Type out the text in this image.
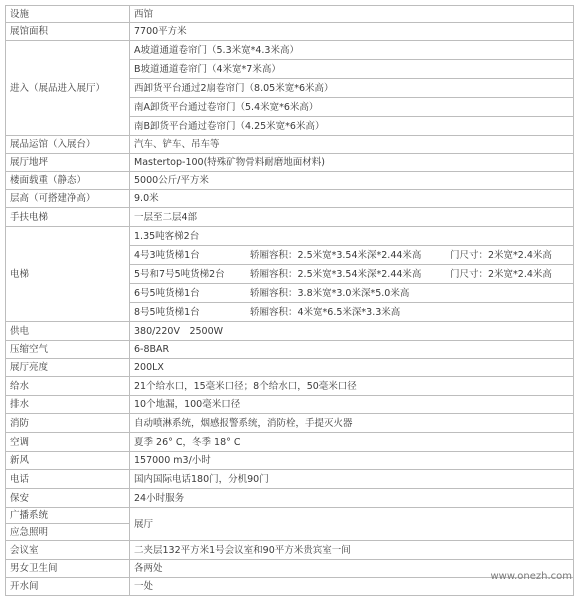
设施	西馆
展馆面积	7700平方米
进入（展品进入展厅）	A坡道通道卷帘门（5.3米宽*4.3米高）
	B坡道通道卷帘门（4米宽*7米高）
	西卸货平台通过2扇卷帘门（8.05米宽*6米高）
	南A卸货平台通过卷帘门（5.4米宽*6米高）
	南B卸货平台通过卷帘门（4.25米宽*6米高）
展品运馆（入展台）	汽车、铲车、吊车等
展厅地坪	Mastertop-100(特殊矿物骨料耐磨地面材料)
楼面载重（静态）	5000公斤/平方米
层高（可搭建净高）	9.0米
手扶电梯	一层至二层4部
电梯	1.35吨客梯2台

	4号3吨货梯1台 轿厢容积：2.5米宽*3.54米深*2.44米高 门尺寸：2米宽*2.4米高

	5号和7号5吨货梯2台 轿厢容积：2.5米宽*3.54米深*2.44米高 门尺寸：2米宽*2.4米高

	6号5吨货梯1台 轿厢容积：3.8米宽*3.0米深*5.0米高

	8号5吨货梯1台 轿厢容积：4米宽*6.5米深*3.3米高

供电	380/220V　2500W
压缩空气	6-8BAR
展厅亮度	200LX
给水	21个给水口，15毫米口径；8个给水口，50毫米口径
排水	10个地漏，100毫米口径
消防	自动喷淋系统，烟感报警系统，消防栓，手提灭火器
空调	夏季 26° C，冬季 18° C
新风	157000 m3/小时
电话	国内国际电话180门，分机90门
保安	24小时服务
广播系统	展厅
应急照明	
会议室	二夹层132平方米1号会议室和90平方米贵宾室一间
男女卫生间	各两处
开水间	一处
www.onezh.com
